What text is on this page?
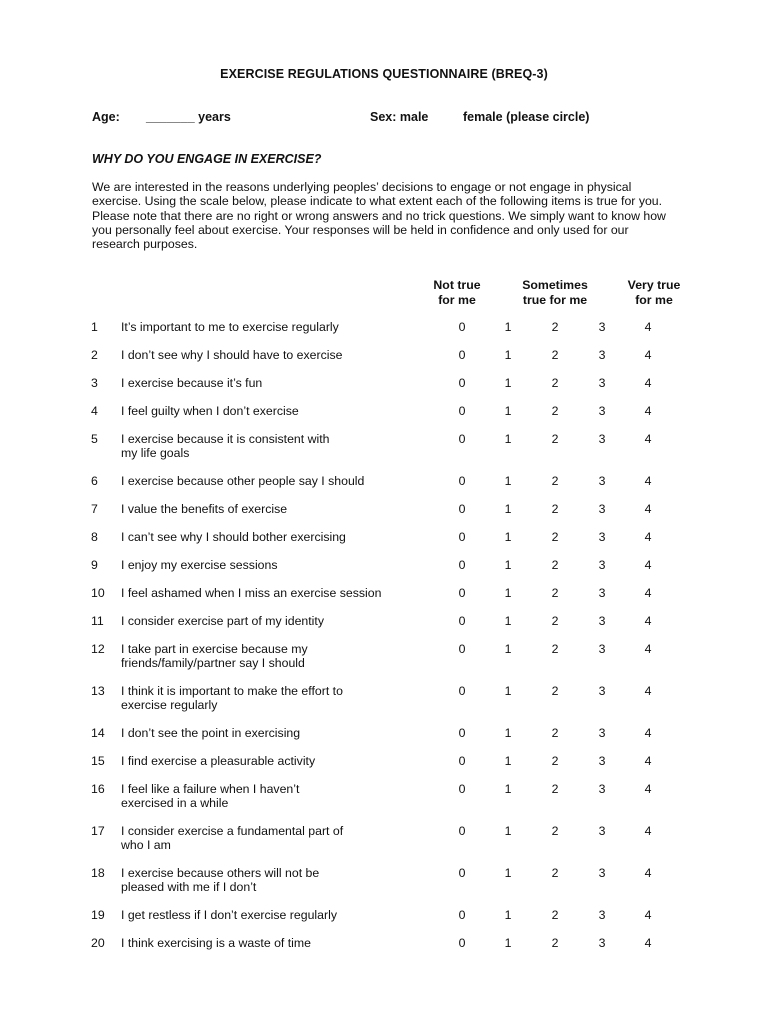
EXERCISE REGULATIONS QUESTIONNAIRE (BREQ-3)
Age: _______ years	Sex: male	female (please circle)
WHY DO YOU ENGAGE IN EXERCISE?
We are interested in the reasons underlying peoples’ decisions to engage or not engage in physical
exercise. Using the scale below, please indicate to what extent each of the following items is true for you.
Please note that there are no right or wrong answers and no trick questions. We simply want to know how
you personally feel about exercise. Your responses will be held in confidence and only used for our
research purposes.
Not true
for me
Sometimes
true for me
Very true
for me
1 It’s important to me to exercise regularly	0	1	2	3	4
2 I don’t see why I should have to exercise	0	1	2	3	4
3 I exercise because it’s fun	0	1	2	3	4
4 I feel guilty when I don’t exercise	0	1	2	3	4
5 I exercise because it is consistent with
my life goals
0	1	2	3	4
6 I exercise because other people say I should	0	1	2	3	4
7 I value the benefits of exercise	0	1	2	3	4
8 I can’t see why I should bother exercising	0	1	2	3	4
9 I enjoy my exercise sessions	0	1	2	3	4
10 I feel ashamed when I miss an exercise session	0	1	2	3	4
11 I consider exercise part of my identity	0	1	2	3	4
12 I take part in exercise because my
friends/family/partner say I should
0	1	2	3	4
13 I think it is important to make the effort to
exercise regularly
0	1	2	3	4
14 I don’t see the point in exercising	0	1	2	3	4
15 I find exercise a pleasurable activity	0	1	2	3	4
16 I feel like a failure when I haven’t
exercised in a while
0	1	2	3	4
17 I consider exercise a fundamental part of
who I am
0	1	2	3	4
18 I exercise because others will not be
pleased with me if I don’t
0	1	2	3	4
19 I get restless if I don’t exercise regularly	0	1	2	3	4
20 I think exercising is a waste of time	0	1	2	3	4
